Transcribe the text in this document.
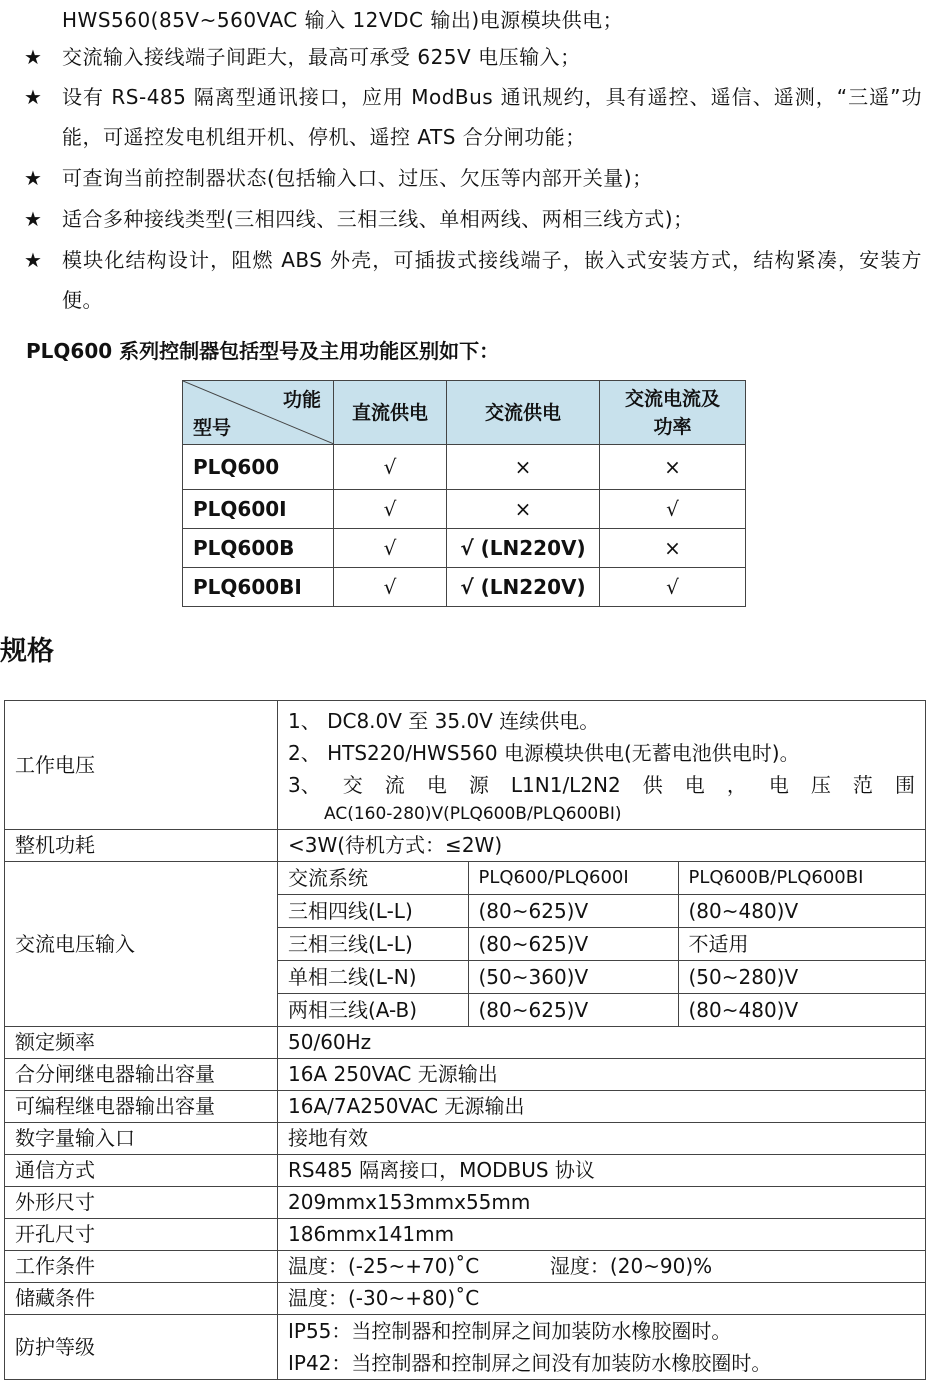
HWS560(85V~560VAC 输入 12VDC 输出)电源模块供电；
★ 交流输入接线端子间距大，最高可承受 625V 电压输入；
★ 设有 RS-485 隔离型通讯接口，应用 ModBus 通讯规约，具有遥控、遥信、遥测，“三遥”功能，可遥控发电机组开机、停机、遥控 ATS 合分闸功能；
★ 可查询当前控制器状态(包括输入口、过压、欠压等内部开关量)；
★ 适合多种接线类型(三相四线、三相三线、单相两线、两相三线方式)；
★ 模块化结构设计，阻燃 ABS 外壳，可插拔式接线端子，嵌入式安装方式，结构紧凑，安装方便。
PLQ600 系列控制器包括型号及主用功能区别如下：
功能
型号	直流供电	交流供电	交流电流及
功率
PLQ600	√	×	×
PLQ600I	√	×	√
PLQ600B	√	√ (LN220V)	×
PLQ600BI	√	√ (LN220V)	√
规格
工作电压	
1、 DC8.0V 至 35.0V 连续供电。
2、 HTS220/HWS560 电源模块供电(无蓄电池供电时)。
3、 交 流 电 源 L1N1/L2N2 供 电 ， 电 压 范 围
AC(160-280)V(PLQ600B/PLQ600BI)

整机功耗	<3W(待机方式：≤2W)
交流电压输入	
交流系统	PLQ600/PLQ600I	PLQ600B/PLQ600BI
三相四线(L-L)	(80~625)V	(80~480)V
三相三线(L-L)	(80~625)V	不适用
单相二线(L-N)	(50~360)V	(50~280)V
两相三线(A-B)	(80~625)V	(80~480)V

额定频率	50/60Hz
合分闸继电器输出容量	16A 250VAC 无源输出
可编程继电器输出容量	16A/7A250VAC 无源输出
数字量输入口	接地有效
通信方式	RS485 隔离接口，MODBUS 协议
外形尺寸	209mmx153mmx55mm
开孔尺寸	186mmx141mm
工作条件	温度：(-25~+70)˚C	湿度：(20~90)%
储藏条件	温度：(-30~+80)˚C
防护等级	
IP55：当控制器和控制屏之间加装防水橡胶圈时。
IP42：当控制器和控制屏之间没有加装防水橡胶圈时。
